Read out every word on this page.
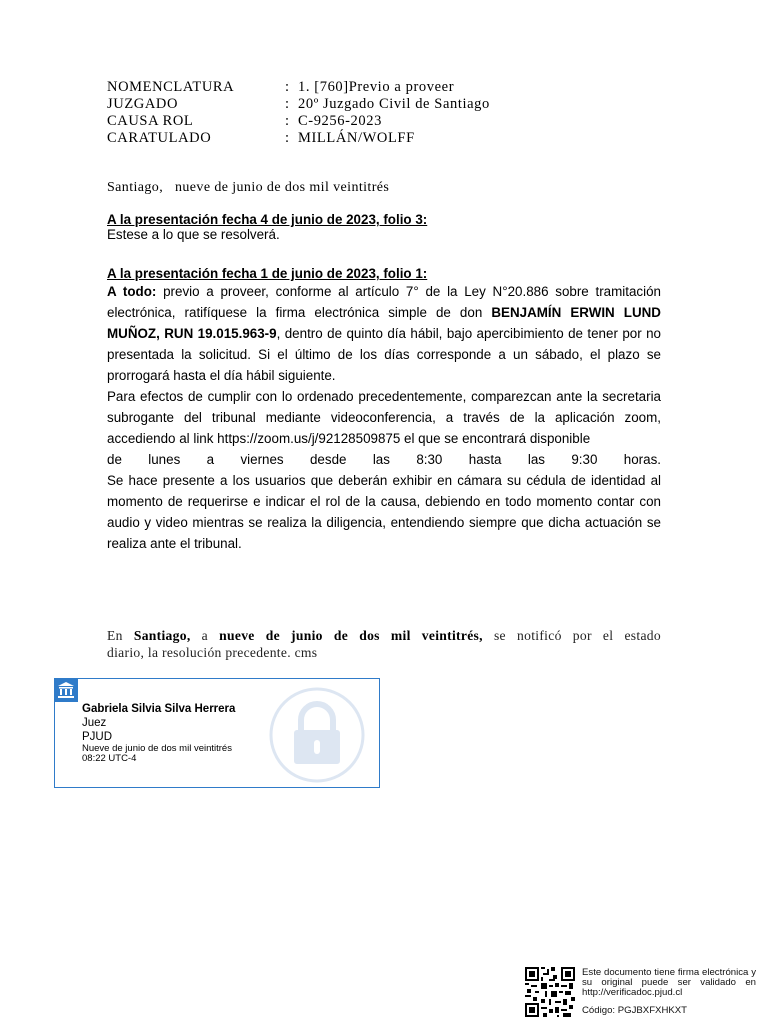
NOMENCLATURA	: 1. [760]Previo a proveer
JUZGADO	: 20º Juzgado Civil de Santiago
CAUSA ROL	: C-9256-2023
CARATULADO	: MILLÁN/WOLFF
Santiago, nueve de junio de dos mil veintitrés
A la presentación fecha 4 de junio de 2023, folio 3:
Estese a lo que se resolverá.
A la presentación fecha 1 de junio de 2023, folio 1:
A todo: previo a proveer, conforme al artículo 7° de la Ley N°20.886 sobre tramitación electrónica, ratifíquese la firma electrónica simple de don BENJAMÍN ERWIN LUND MUÑOZ, RUN 19.015.963-9, dentro de quinto día hábil, bajo apercibimiento de tener por no presentada la solicitud. Si el último de los días corresponde a un sábado, el plazo se prorrogará hasta el día hábil siguiente.
Para efectos de cumplir con lo ordenado precedentemente, comparezcan ante la secretaria subrogante del tribunal mediante videoconferencia, a través de la aplicación zoom, accediendo al link https://zoom.us/j/92128509875 el que se encontrará disponible
de lunes a viernes desde las 8:30 hasta las 9:30 horas.
Se hace presente a los usuarios que deberán exhibir en cámara su cédula de identidad al momento de requerirse e indicar el rol de la causa, debiendo en todo momento contar con audio y video mientras se realiza la diligencia, entendiendo siempre que dicha actuación se realiza ante el tribunal.
En Santiago, a nueve de junio de dos mil veintitrés, se notificó por el estado
diario, la resolución precedente. cms
Gabriela Silvia Silva Herrera
Juez
PJUD
Nueve de junio de dos mil veintitrés
08:22 UTC-4
Este documento tiene firma electrónica y su original puede ser validado en http://verificadoc.pjud.cl
Código: PGJBXFXHKXT
